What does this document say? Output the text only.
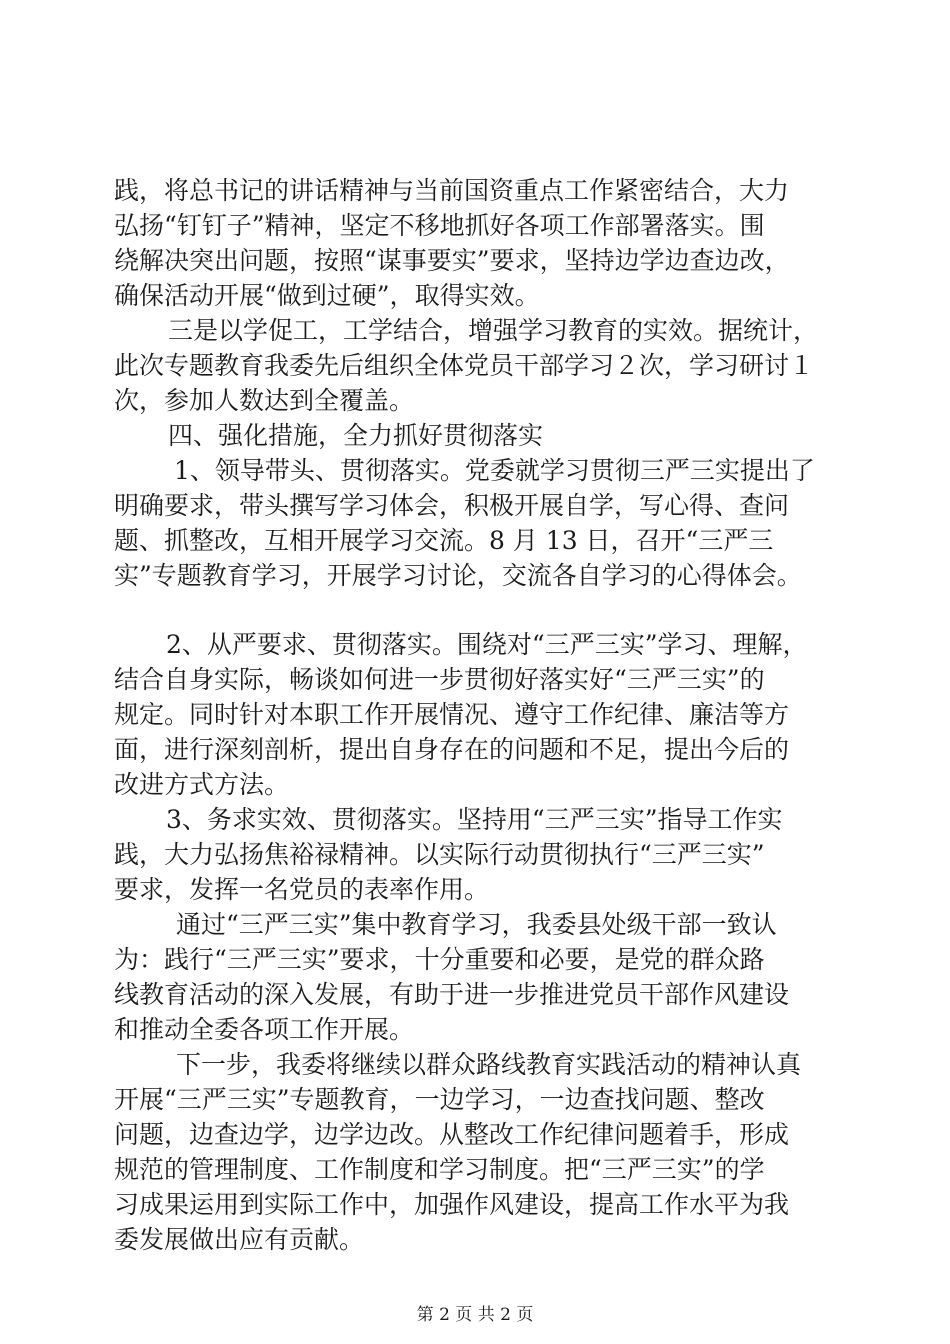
践，将总书记的讲话精神与当前国资重点工作紧密结合，大力
弘扬“钉钉子”精神，坚定不移地抓好各项工作部署落实。围
绕解决突出问题，按照“谋事要实”要求，坚持边学边查边改，
确保活动开展“做到过硬”，取得实效。
三是以学促工，工学结合，增强学习教育的实效。据统计，
此次专题教育我委先后组织全体党员干部学习２次，学习研讨１
次，参加人数达到全覆盖。
四、强化措施，全力抓好贯彻落实
1、领导带头、贯彻落实。党委就学习贯彻三严三实提出了
明确要求，带头撰写学习体会，积极开展自学，写心得、查问
题、抓整改，互相开展学习交流。8 月 13 日，召开“三严三
实”专题教育学习，开展学习讨论，交流各自学习的心得体会。
2、从严要求、贯彻落实。围绕对“三严三实”学习、理解，
结合自身实际，畅谈如何进一步贯彻好落实好“三严三实”的
规定。同时针对本职工作开展情况、遵守工作纪律、廉洁等方
面，进行深刻剖析，提出自身存在的问题和不足，提出今后的
改进方式方法。
3、务求实效、贯彻落实。坚持用“三严三实”指导工作实
践，大力弘扬焦裕禄精神。以实际行动贯彻执行“三严三实”
要求，发挥一名党员的表率作用。
通过“三严三实”集中教育学习，我委县处级干部一致认
为：践行“三严三实”要求，十分重要和必要，是党的群众路
线教育活动的深入发展，有助于进一步推进党员干部作风建设
和推动全委各项工作开展。
下一步，我委将继续以群众路线教育实践活动的精神认真
开展“三严三实”专题教育，一边学习，一边查找问题、整改
问题，边查边学，边学边改。从整改工作纪律问题着手，形成
规范的管理制度、工作制度和学习制度。把“三严三实”的学
习成果运用到实际工作中，加强作风建设，提高工作水平为我
委发展做出应有贡献。
第 2 页 共 2 页
